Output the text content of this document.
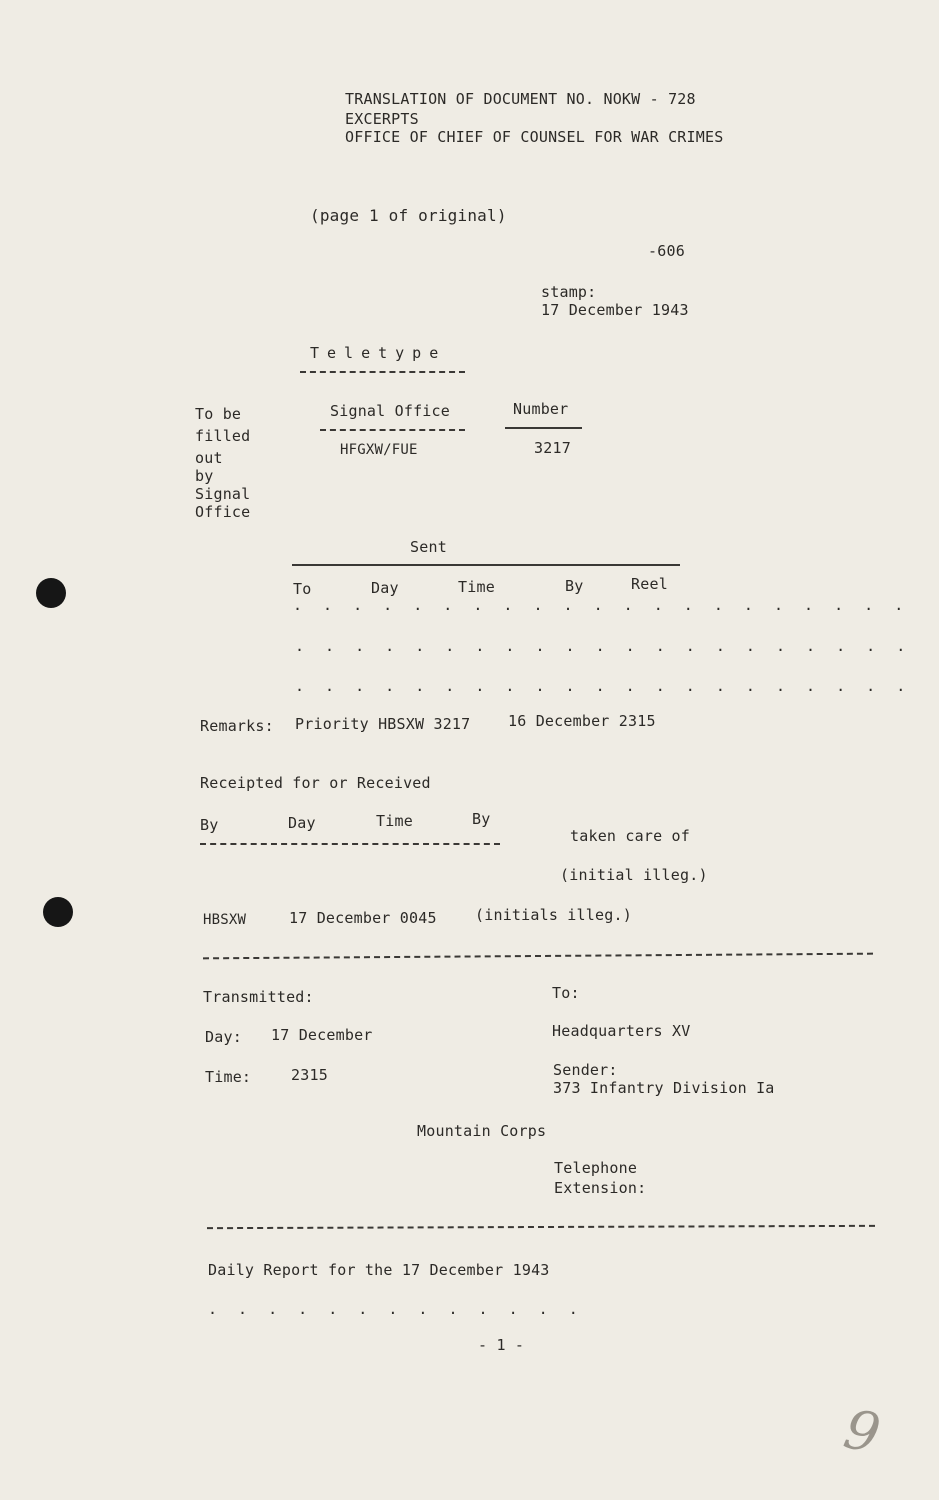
TRANSLATION OF DOCUMENT NO. NOKW - 728
EXCERPTS
OFFICE OF CHIEF OF COUNSEL FOR WAR CRIMES
(page 1 of original)
-606
stamp:
17 December 1943
Teletype
To be
filled
out
by
Signal
Office
Signal Office
HFGXW/FUE
Number
3217
Sent
To	Day	Time	By	Reel
. . . . . . . . . . . . . . . . . . . . .
. . . . . . . . . . . . . . . . . . . . .
. . . . . . . . . . . . . . . . . . . . .
Remarks: Priority HBSXW 3217	16 December 2315
Receipted for or Received
By	Day	Time	By
taken care of
(initial illeg.)
HBSXW	17 December 0045	(initials illeg.)
Transmitted:	To:
Day: 17 December	Headquarters XV
Time:	2315	Sender:
373 Infantry Division Ia
Mountain Corps
Telephone
Extension:
Daily Report for the 17 December 1943
. . . . . . . . . . . . .
- 1 -
9
